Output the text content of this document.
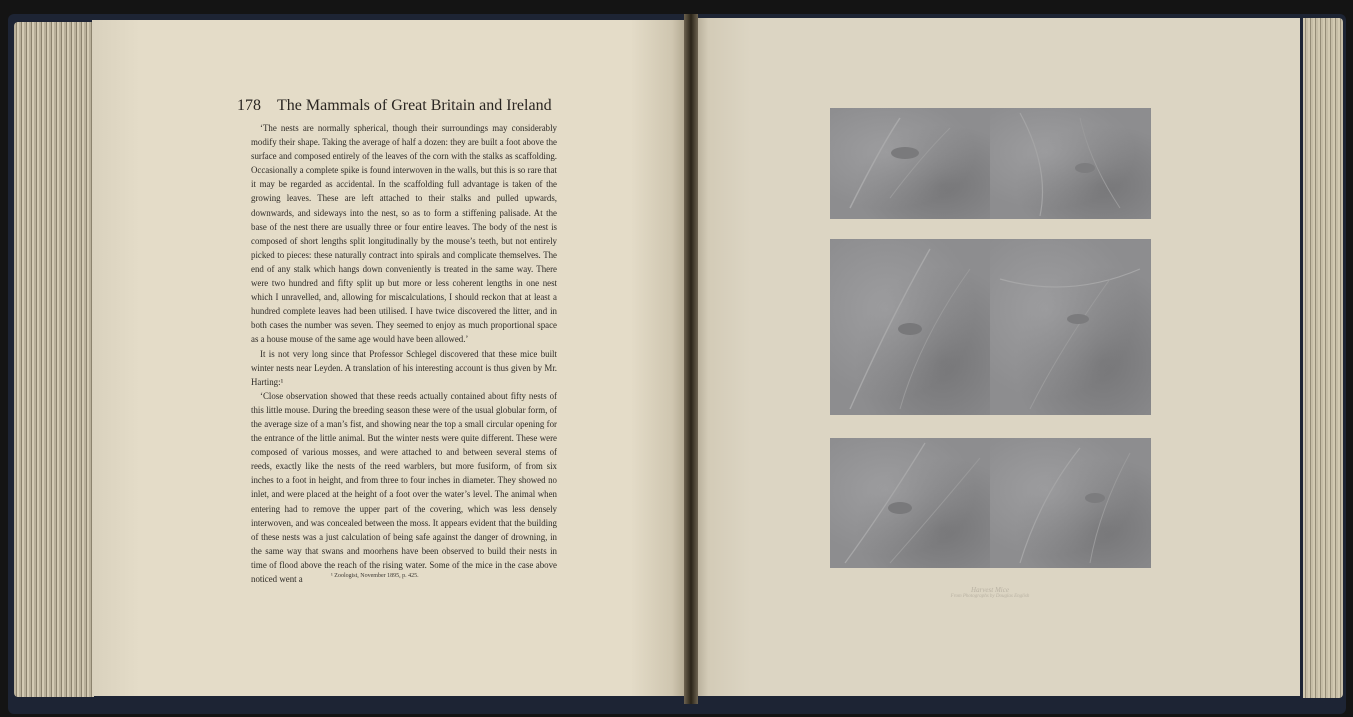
178 The Mammals of Great Britain and Ireland

‘The nests are normally spherical, though their surroundings may considerably modify their shape. Taking the average of half a dozen: they are built a foot above the surface and composed entirely of the leaves of the corn with the stalks as scaffolding. Occasionally a complete spike is found interwoven in the walls, but this is so rare that it may be regarded as accidental. In the scaffolding full advantage is taken of the growing leaves. These are left attached to their stalks and pulled upwards, downwards, and sideways into the nest, so as to form a stiffening palisade. At the base of the nest there are usually three or four entire leaves. The body of the nest is composed of short lengths split longitudinally by the mouse’s teeth, but not entirely picked to pieces: these naturally contract into spirals and complicate themselves. The end of any stalk which hangs down conveniently is treated in the same way. There were two hundred and fifty split up but more or less coherent lengths in one nest which I unravelled, and, allowing for miscalculations, I should reckon that at least a hundred complete leaves had been utilised. I have twice discovered the litter, and in both cases the number was seven. They seemed to enjoy as much proportional space as a house mouse of the same age would have been allowed.’

It is not very long since that Professor Schlegel discovered that these mice built winter nests near Leyden. A translation of his interesting account is thus given by Mr. Harting:¹

‘Close observation showed that these reeds actually contained about fifty nests of this little mouse. During the breeding season these were of the usual globular form, of the average size of a man’s fist, and showing near the top a small circular opening for the entrance of the little animal. But the winter nests were quite different. These were composed of various mosses, and were attached to and between several stems of reeds, exactly like the nests of the reed warblers, but more fusiform, of from six inches to a foot in height, and from three to four inches in diameter. They showed no inlet, and were placed at the height of a foot over the water’s level. The animal when entering had to remove the upper part of the covering, which was less densely interwoven, and was concealed between the moss. It appears evident that the building of these nests was a just calculation of being safe against the danger of drowning, in the same way that swans and moorhens have been observed to build their nests in time of flood above the reach of the rising water. Some of the mice in the case above noticed went a	¹ Zoologist, November 1895, p. 425.
Harvest Mice
From Photographs by Douglas English
